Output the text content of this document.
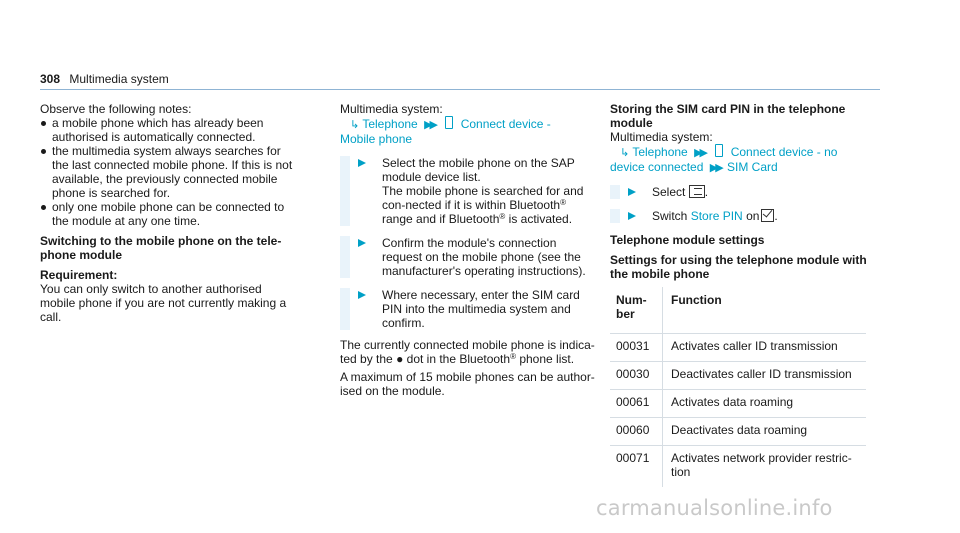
308 Multimedia system

Observe the following notes:

a mobile phone which has already been authorised is automatically connected.
the multimedia system always searches for the last connected mobile phone. If this is not available, the previously connected mobile phone is searched for.
only one mobile phone can be connected to the module at any one time.

Switching to the mobile phone on the tele-phone module

Requirement:

You can only switch to another authorised mobile phone if you are not currently making a call.

Multimedia system:

↳ Telephone ▶▶ Connect device -

Mobile phone

Select the mobile phone on the SAP module device list.

The mobile phone is searched for and con-nected if it is within Bluetooth® range and if Bluetooth® is activated.

Confirm the module's connection request on the mobile phone (see the manufacturer's operating instructions).

Where necessary, enter the SIM card PIN into the multimedia system and confirm.

The currently connected mobile phone is indica-ted by the ● dot in the Bluetooth® phone list.

A maximum of 15 mobile phones can be author-ised on the module.

Storing the SIM card PIN in the telephone module

Multimedia system:

↳ Telephone ▶▶ Connect device - no

device connected ▶▶ SIM Card

Select .

Switch Store PIN on .

Telephone module settings

Settings for using the telephone module with the mobile phone

Num-ber	Function
00031	Activates caller ID transmission
00030	Deactivates caller ID transmission
00061	Activates data roaming
00060	Deactivates data roaming
00071	Activates network provider restric-tion
carmanualsonline.info
